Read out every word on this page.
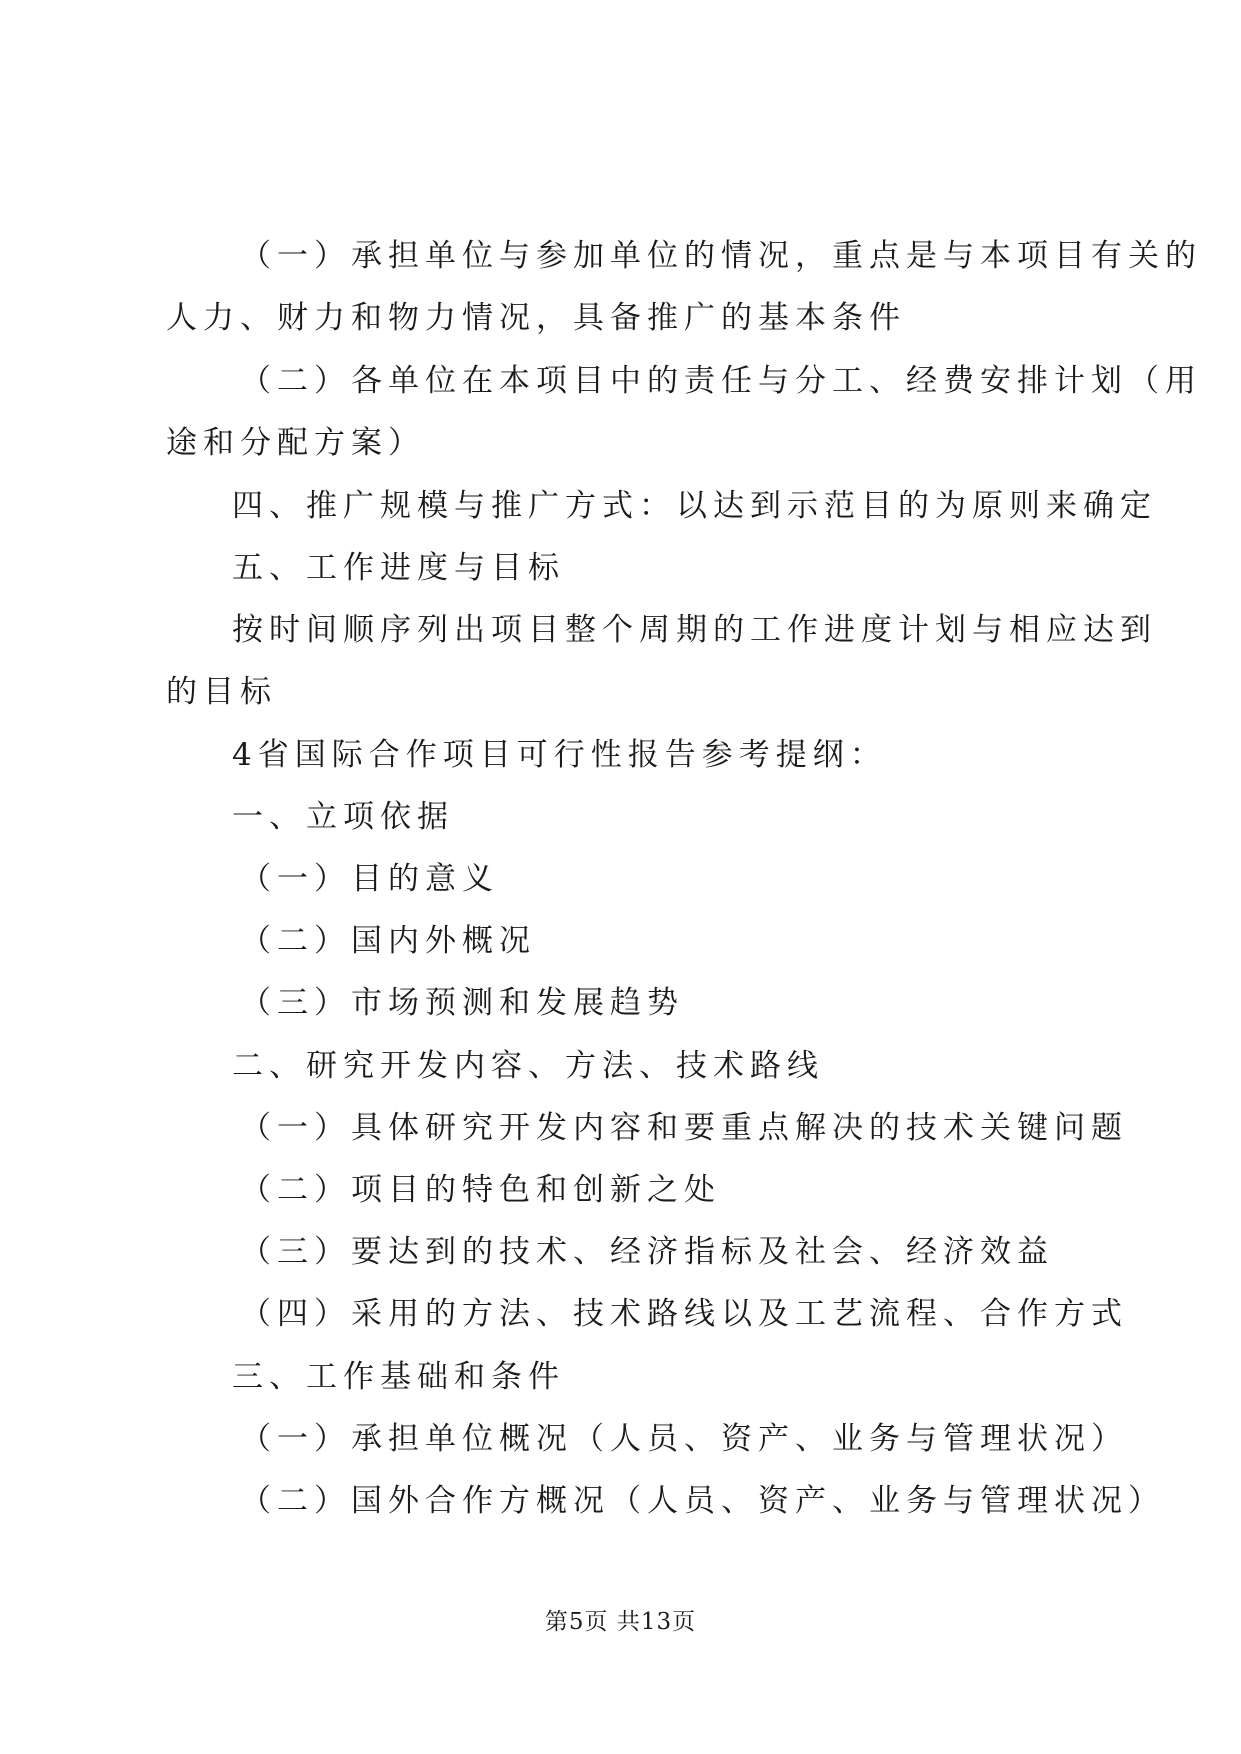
（一）承担单位与参加单位的情况，重点是与本项目有关的
人力、财力和物力情况，具备推广的基本条件
（二）各单位在本项目中的责任与分工、经费安排计划（用
途和分配方案）
四、推广规模与推广方式：以达到示范目的为原则来确定
五、工作进度与目标
按时间顺序列出项目整个周期的工作进度计划与相应达到
的目标
4省国际合作项目可行性报告参考提纲：
一、立项依据
（一）目的意义
（二）国内外概况
（三）市场预测和发展趋势
二、研究开发内容、方法、技术路线
（一）具体研究开发内容和要重点解决的技术关键问题
（二）项目的特色和创新之处
（三）要达到的技术、经济指标及社会、经济效益
（四）采用的方法、技术路线以及工艺流程、合作方式
三、工作基础和条件
（一）承担单位概况（人员、资产、业务与管理状况）
（二）国外合作方概况（人员、资产、业务与管理状况）
第5页 共13页
